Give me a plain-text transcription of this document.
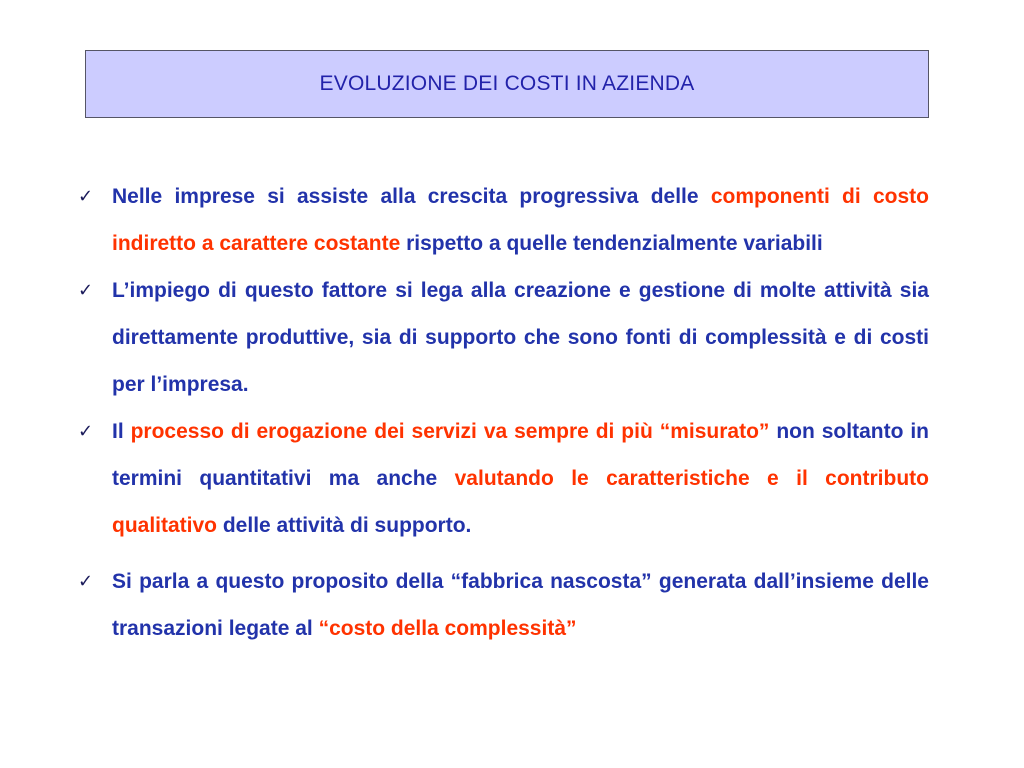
EVOLUZIONE DEI COSTI IN AZIENDA
✓ Nelle imprese si assiste alla crescita progressiva delle componenti di costo indiretto a carattere costante rispetto a quelle tendenzialmente variabili
✓ L’impiego di questo fattore si lega alla creazione e gestione di molte attività sia direttamente produttive, sia di supporto che sono fonti di complessità e di costi per l’impresa.
✓ Il processo di erogazione dei servizi va sempre di più “misurato” non soltanto in termini quantitativi ma anche valutando le caratteristiche e il contributo qualitativo delle attività di supporto.
✓ Si parla a questo proposito della “fabbrica nascosta” generata dall’insieme delle transazioni legate al “costo della complessità”
